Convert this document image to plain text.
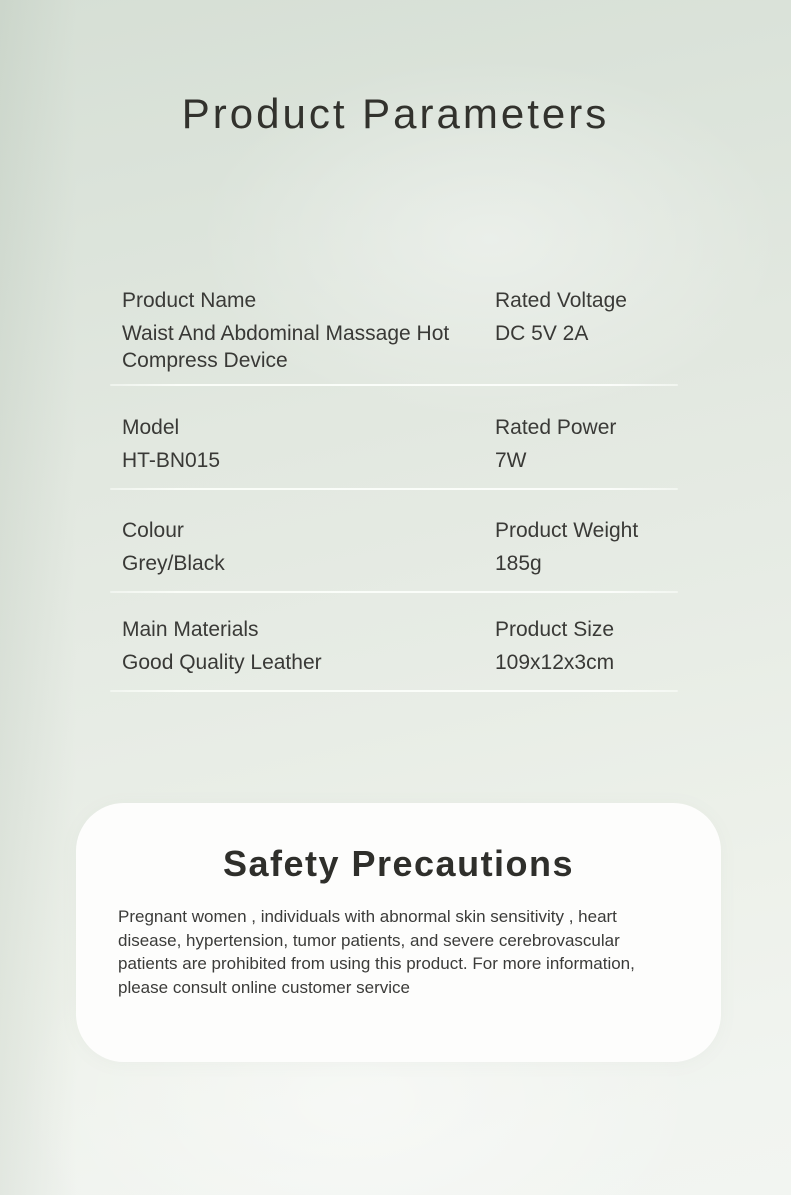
Product Parameters
Product Name
Waist And Abdominal Massage Hot Compress Device
Rated Voltage
DC 5V 2A
Model
HT-BN015
Rated Power
7W
Colour
Grey/Black
Product Weight
185g
Main Materials
Good Quality Leather
Product Size
109x12x3cm
Safety Precautions

Pregnant women , individuals with abnormal skin sensitivity , heart disease, hypertension, tumor patients, and severe cerebrovascular patients are prohibited from using this product. For more information, please consult online customer service
